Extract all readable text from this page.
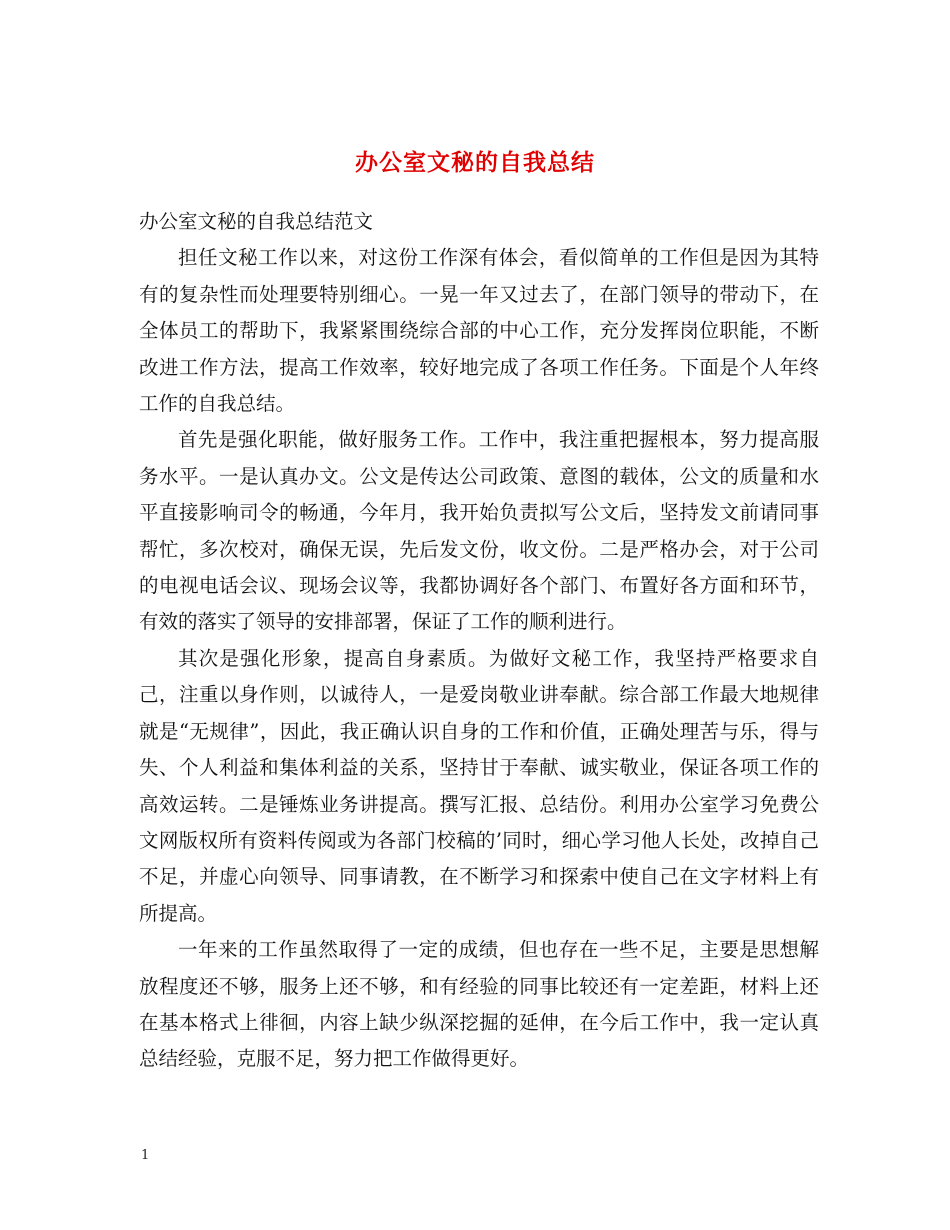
办公室文秘的自我总结

办公室文秘的自我总结范文

担任文秘工作以来，对这份工作深有体会，看似简单的工作但是因为其特有的复杂性而处理要特别细心。一晃一年又过去了，在部门领导的带动下，在全体员工的帮助下，我紧紧围绕综合部的中心工作，充分发挥岗位职能，不断改进工作方法，提高工作效率，较好地完成了各项工作任务。下面是个人年终工作的自我总结。

首先是强化职能，做好服务工作。工作中，我注重把握根本，努力提高服务水平。一是认真办文。公文是传达公司政策、意图的载体，公文的质量和水平直接影响司令的畅通，今年月，我开始负责拟写公文后，坚持发文前请同事帮忙，多次校对，确保无误，先后发文份，收文份。二是严格办会，对于公司的电视电话会议、现场会议等，我都协调好各个部门、布置好各方面和环节，有效的落实了领导的安排部署，保证了工作的顺利进行。

其次是强化形象，提高自身素质。为做好文秘工作，我坚持严格要求自己，注重以身作则，以诚待人，一是爱岗敬业讲奉献。综合部工作最大地规律就是“无规律”，因此，我正确认识自身的工作和价值，正确处理苦与乐，得与失、个人利益和集体利益的关系，坚持甘于奉献、诚实敬业，保证各项工作的高效运转。二是锤炼业务讲提高。撰写汇报、总结份。利用办公室学习免费公文网版权所有资料传阅或为各部门校稿的’同时，细心学习他人长处，改掉自己不足，并虚心向领导、同事请教，在不断学习和探索中使自己在文字材料上有所提高。

一年来的工作虽然取得了一定的成绩，但也存在一些不足，主要是思想解放程度还不够，服务上还不够，和有经验的同事比较还有一定差距，材料上还在基本格式上徘徊，内容上缺少纵深挖掘的延伸，在今后工作中，我一定认真总结经验，克服不足，努力把工作做得更好。

1
